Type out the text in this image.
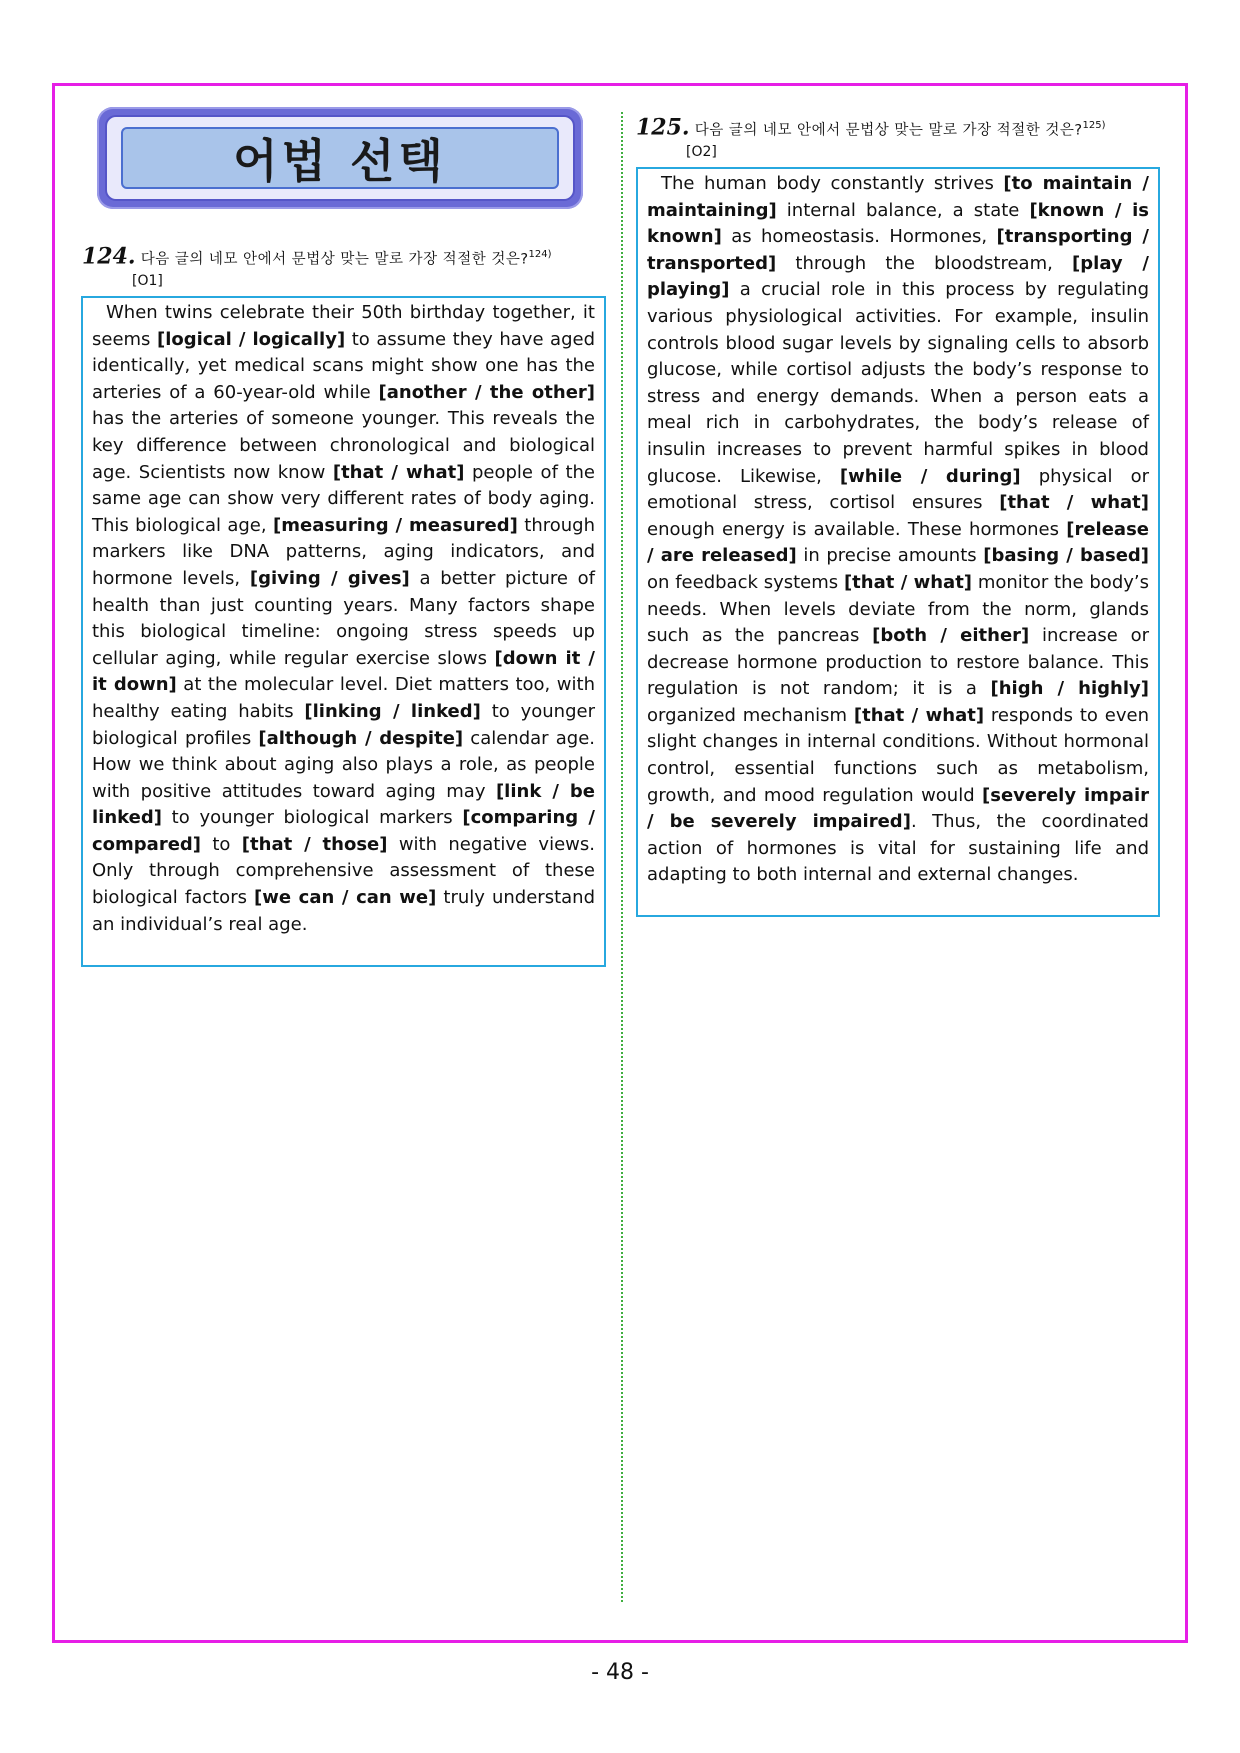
어법 선택
124. 다음 글의 네모 안에서 문법상 맞는 말로 가장 적절한 것은?$^{124)}$
[O1]

When twins celebrate their 50th birthday together, it seems [logical / logically] to assume they have aged identically, yet medical scans might show one has the arteries of a 60-year-old while [another / the other] has the arteries of someone younger. This reveals the key difference between chronological and biological age. Scientists now know [that / what] people of the same age can show very different rates of body aging. This biological age, [measuring / measured] through markers like DNA patterns, aging indicators, and hormone levels, [giving / gives] a better picture of health than just counting years. Many factors shape this biological timeline: ongoing stress speeds up cellular aging, while regular exercise slows [down it / it down] at the molecular level. Diet matters too, with healthy eating habits [linking / linked] to younger biological profiles [although / despite] calendar age. How we think about aging also plays a role, as people with positive attitudes toward aging may [link / be linked] to younger biological markers [comparing / compared] to [that / those] with negative views. Only through comprehensive assessment of these biological factors [we can / can we] truly understand an individual’s real age.

125. 다음 글의 네모 안에서 문법상 맞는 말로 가장 적절한 것은?$^{125)}$
[O2]

The human body constantly strives [to maintain / maintaining] internal balance, a state [known / is known] as homeostasis. Hormones, [transporting / transported] through the bloodstream, [play / playing] a crucial role in this process by regulating various physiological activities. For example, insulin controls blood sugar levels by signaling cells to absorb glucose, while cortisol adjusts the body’s response to stress and energy demands. When a person eats a meal rich in carbohydrates, the body’s release of insulin increases to prevent harmful spikes in blood glucose. Likewise, [while / during] physical or emotional stress, cortisol ensures [that / what] enough energy is available. These hormones [release / are released] in precise amounts [basing / based] on feedback systems [that / what] monitor the body’s needs. When levels deviate from the norm, glands such as the pancreas [both / either] increase or decrease hormone production to restore balance. This regulation is not random; it is a [high / highly] organized mechanism [that / what] responds to even slight changes in internal conditions. Without hormonal control, essential functions such as metabolism, growth, and mood regulation would [severely impair / be severely impaired]. Thus, the coordinated action of hormones is vital for sustaining life and adapting to both internal and external changes.

- 48 -
